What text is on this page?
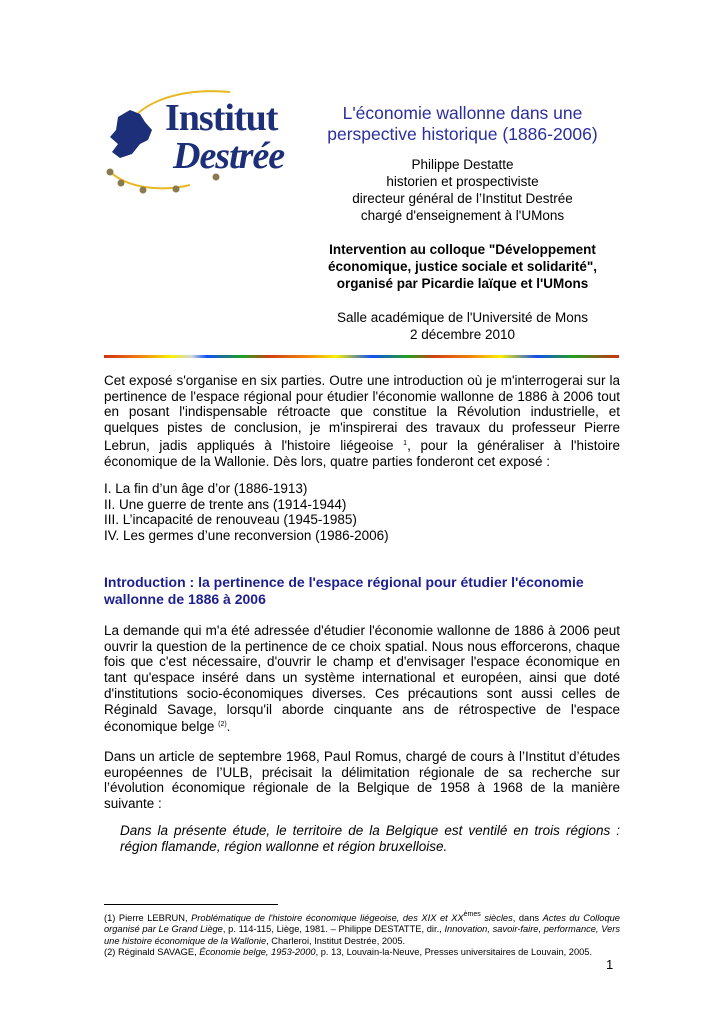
Institut
Destrée
L'économie wallonne dans une
perspective historique (1886-2006)
Philippe Destatte
historien et prospectiviste
directeur général de l’Institut Destrée
chargé d'enseignement à l'UMons
Intervention au colloque "Développement
économique, justice sociale et solidarité",
organisé par Picardie laïque et l'UMons
Salle académique de l'Université de Mons
2 décembre 2010

Cet exposé s'organise en six parties. Outre une introduction où je m'interrogerai sur la pertinence de l'espace régional pour étudier l'économie wallonne de 1886 à 2006 tout en posant l'indispensable rétroacte que constitue la Révolution industrielle, et quelques pistes de conclusion, je m'inspirerai des travaux du professeur Pierre Lebrun, jadis appliqués à l'histoire liégeoise $^1$, pour la généraliser à l'histoire économique de la Wallonie. Dès lors, quatre parties fonderont cet exposé :

I. La fin d’un âge d’or (1886-1913)
II. Une guerre de trente ans (1914-1944)
III. L’incapacité de renouveau (1945-1985)
IV. Les germes d’une reconversion (1986-2006)
Introduction : la pertinence de l'espace régional pour étudier l'économie wallonne de 1886 à 2006

La demande qui m'a été adressée d'étudier l'économie wallonne de 1886 à 2006 peut ouvrir la question de la pertinence de ce choix spatial. Nous nous efforcerons, chaque fois que c'est nécessaire, d'ouvrir le champ et d'envisager l'espace économique en tant qu'espace inséré dans un système international et européen, ainsi que doté d'institutions socio-économiques diverses. Ces précautions sont aussi celles de Réginald Savage, lorsqu'il aborde cinquante ans de rétrospective de l'espace économique belge $^{(2)}$.

Dans un article de septembre 1968, Paul Romus, chargé de cours à l’Institut d’études européennes de l’ULB, précisait la délimitation régionale de sa recherche sur l’évolution économique régionale de la Belgique de 1958 à 1968 de la manière suivante :

Dans la présente étude, le territoire de la Belgique est ventilé en trois régions : région flamande, région wallonne et région bruxelloise.

(1) Pierre LEBRUN, Problématique de l'histoire économique liégeoise, des XIX et XXèmes siècles, dans Actes du Colloque organisé par Le Grand Liège, p. 114-115, Liège, 1981. – Philippe DESTATTE, dir., Innovation, savoir-faire, performance, Vers une histoire économique de la Wallonie, Charleroi, Institut Destrée, 2005.
(2) Réginald SAVAGE, Économie belge, 1953-2000, p. 13, Louvain-la-Neuve, Presses universitaires de Louvain, 2005.
1
